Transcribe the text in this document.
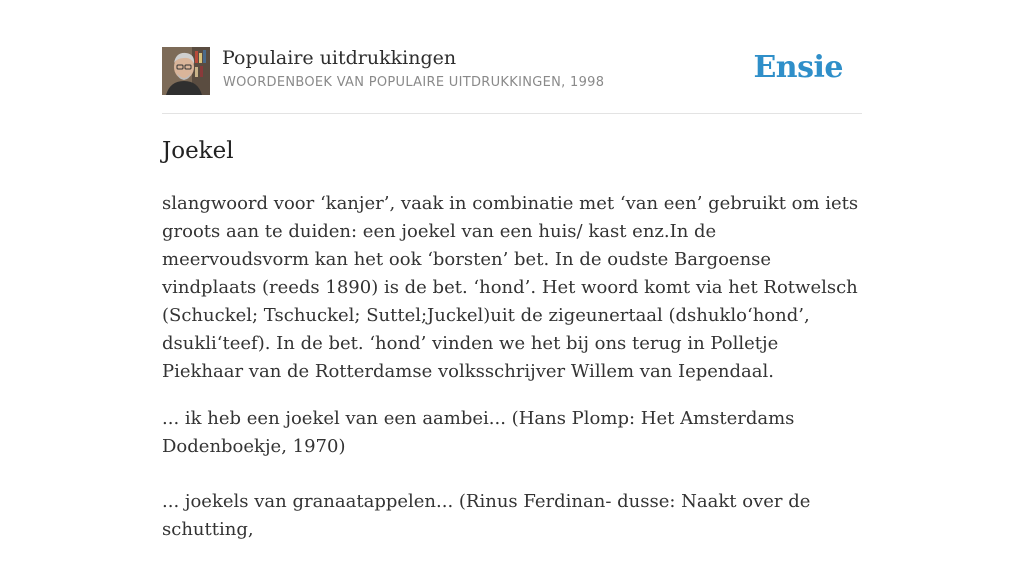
Populaire uitdrukkingen
WOORDENBOEK VAN POPULAIRE UITDRUKKINGEN, 1998	Ensie
Joekel

slangwoord voor ‘kanjer’, vaak in combinatie met ‘van een’ gebruikt om iets groots aan te duiden: een joekel van een huis/ kast enz.In de meervoudsvorm kan het ook ‘borsten’ bet. In de oudste Bargoense vindplaats (reeds 1890) is de bet. ‘hond’. Het woord komt via het Rotwelsch (Schuckel; Tschuckel; Suttel;Juckel)uit de zigeunertaal (dshuklo‘hond’, dsukli‘teef). In de bet. ‘hond’ vinden we het bij ons terug in Polletje Piekhaar van de Rotterdamse volksschrijver Willem van Iependaal.

... ik heb een joekel van een aambei... (Hans Plomp: Het Amsterdams Dodenboekje, 1970)

... joekels van granaatappelen... (Rinus Ferdinan- dusse: Naakt over de schutting,
